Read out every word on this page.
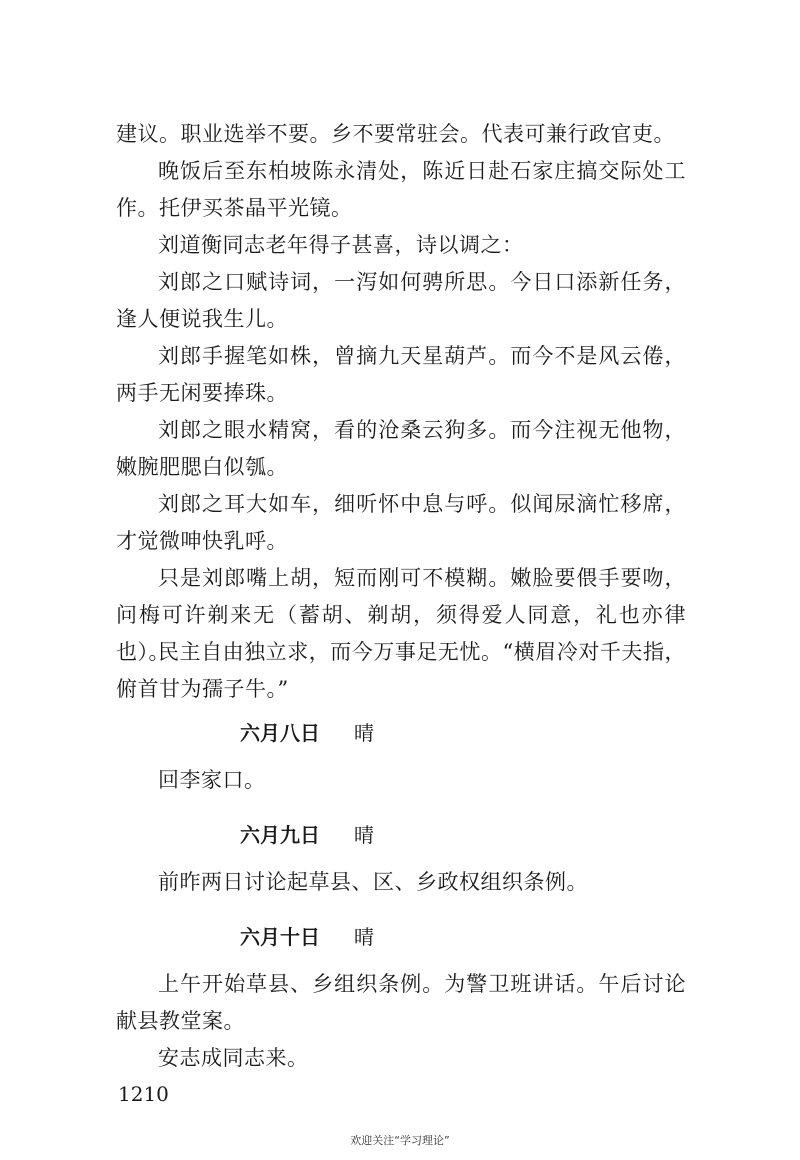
建议。职业选举不要。乡不要常驻会。代表可兼行政官吏。

晚饭后至东柏坡陈永清处，陈近日赴石家庄搞交际处工作。托伊买茶晶平光镜。

刘道衡同志老年得子甚喜，诗以调之：

刘郎之口赋诗词，一泻如何骋所思。今日口添新任务，逢人便说我生儿。

刘郎手握笔如株，曾摘九天星葫芦。而今不是风云倦，两手无闲要捧珠。

刘郎之眼水精窝，看的沧桑云狗多。而今注视无他物，嫩腕肥腮白似瓠。

刘郎之耳大如车，细听怀中息与呼。似闻尿滴忙移席，才觉微呻快乳呼。

只是刘郎嘴上胡，短而刚可不模糊。嫩脸要偎手要吻，问梅可许剃来无（蓄胡、剃胡，须得爱人同意，礼也亦律也）。

民主自由独立求，而今万事足无忧。“横眉冷对千夫指，俯首甘为孺子牛。”

六月八日 晴

回李家口。

六月九日 晴

前昨两日讨论起草县、区、乡政权组织条例。

六月十日 晴

上午开始草县、乡组织条例。为警卫班讲话。午后讨论献县教堂案。

安志成同志来。

1210

欢迎关注“学习理论”
